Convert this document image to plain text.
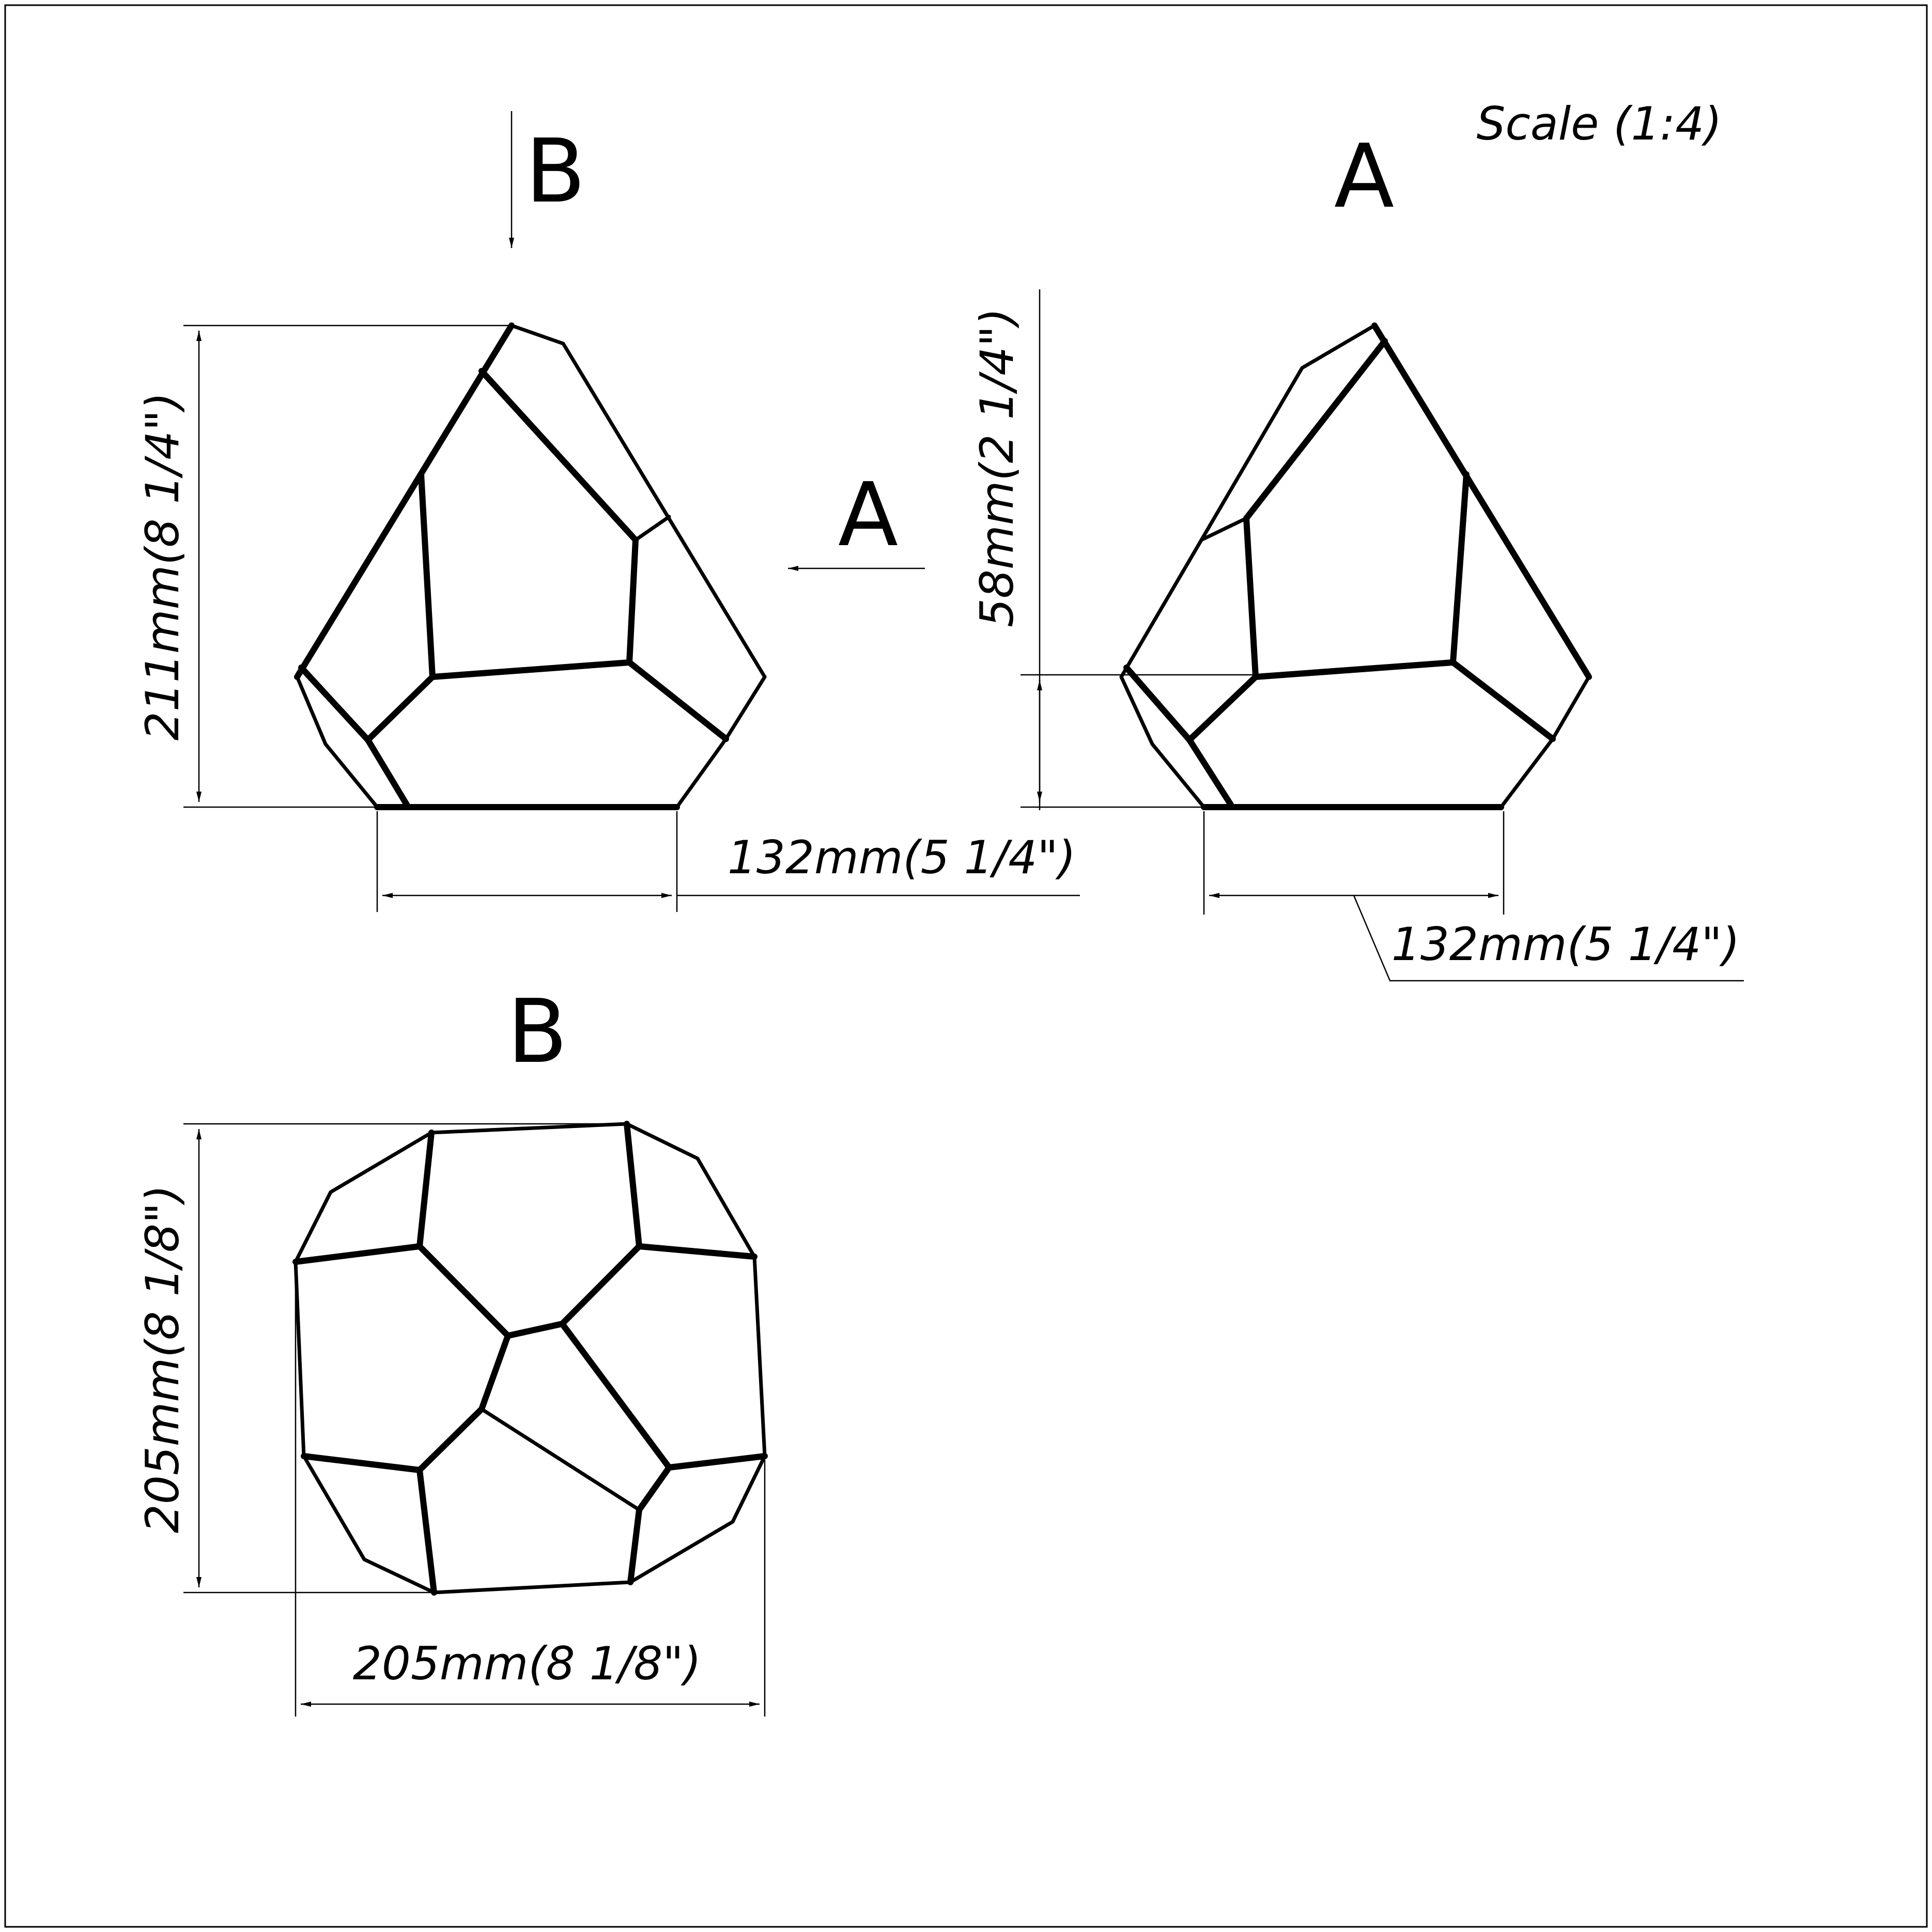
Scale (1:4)
B
A
211mm(8 1/4")
132mm(5 1/4")
A
58mm(2 1/4")
132mm(5 1/4")
B
205mm(8 1/8")
205mm(8 1/8")
